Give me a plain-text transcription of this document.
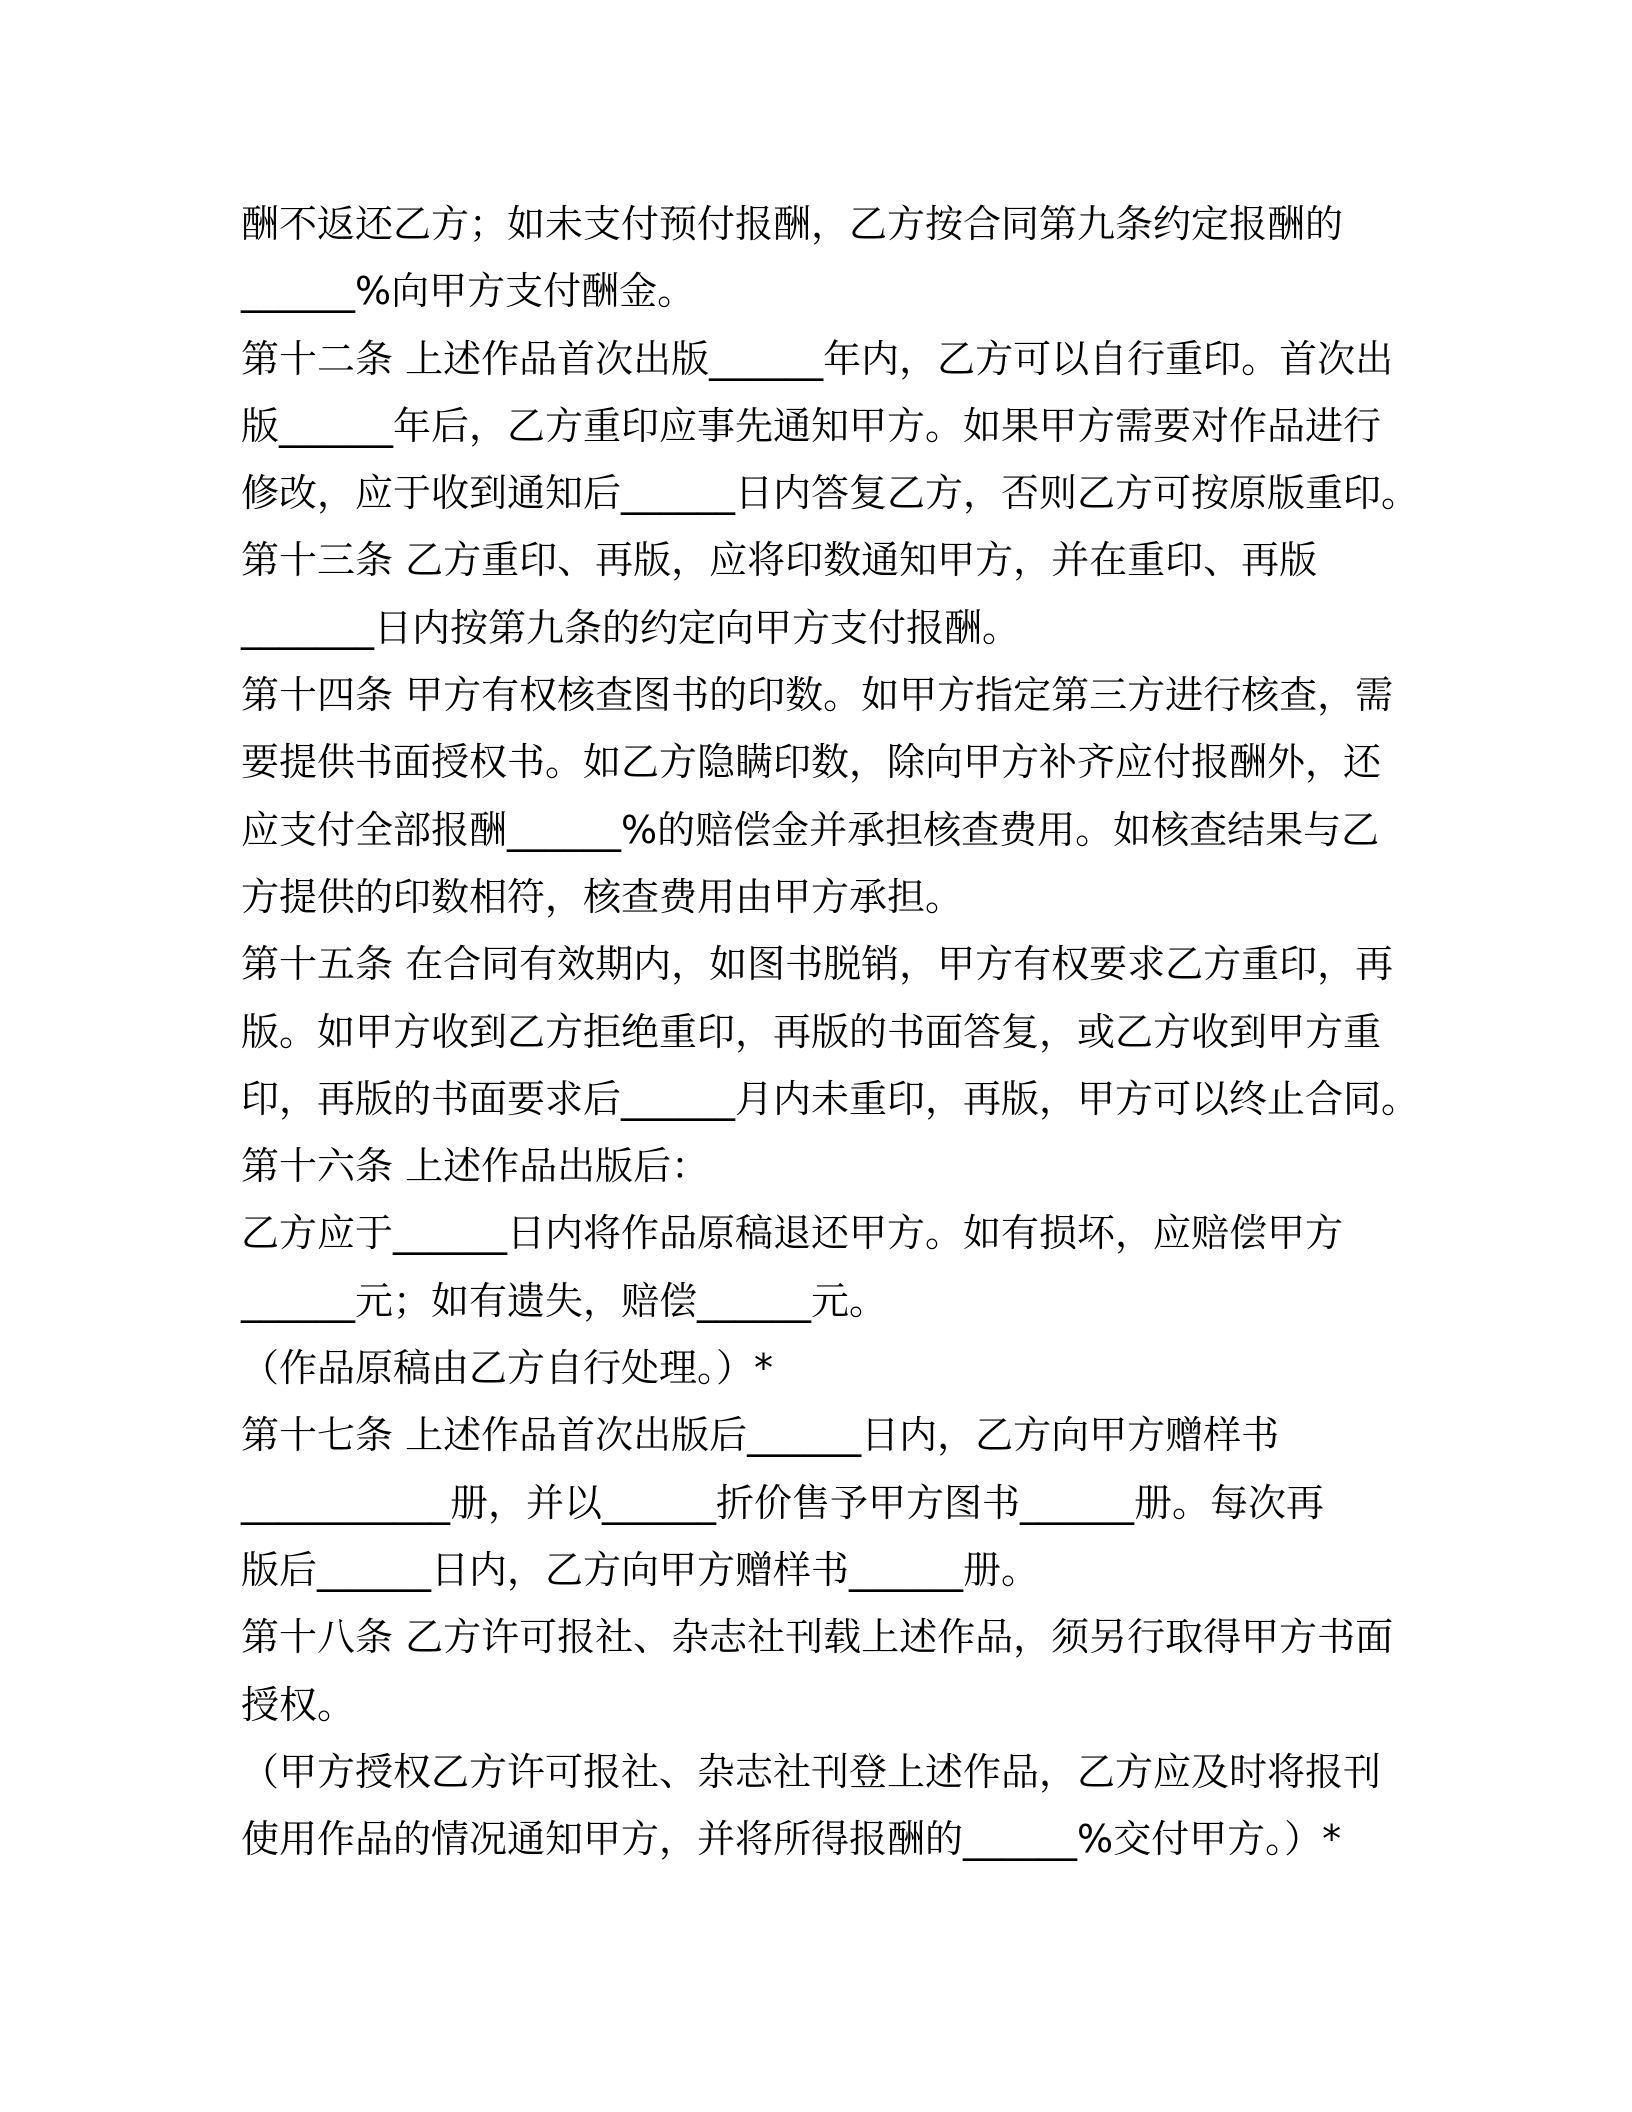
酬不返还乙方；如未支付预付报酬，乙方按合同第九条约定报酬的
______%向甲方支付酬金。
第十二条 上述作品首次出版______年内，乙方可以自行重印。首次出
版______年后，乙方重印应事先通知甲方。如果甲方需要对作品进行
修改，应于收到通知后______日内答复乙方，否则乙方可按原版重印。
第十三条 乙方重印、再版，应将印数通知甲方，并在重印、再版
_______日内按第九条的约定向甲方支付报酬。
第十四条 甲方有权核查图书的印数。如甲方指定第三方进行核查，需
要提供书面授权书。如乙方隐瞒印数，除向甲方补齐应付报酬外，还
应支付全部报酬______%的赔偿金并承担核查费用。如核查结果与乙
方提供的印数相符，核查费用由甲方承担。
第十五条 在合同有效期内，如图书脱销，甲方有权要求乙方重印，再
版。如甲方收到乙方拒绝重印，再版的书面答复，或乙方收到甲方重
印，再版的书面要求后______月内未重印，再版，甲方可以终止合同。
第十六条 上述作品出版后：
乙方应于______日内将作品原稿退还甲方。如有损坏，应赔偿甲方
______元；如有遗失，赔偿______元。
（作品原稿由乙方自行处理。）*
第十七条 上述作品首次出版后______日内，乙方向甲方赠样书
___________册，并以______折价售予甲方图书______册。每次再
版后______日内，乙方向甲方赠样书______册。
第十八条 乙方许可报社、杂志社刊载上述作品，须另行取得甲方书面
授权。
（甲方授权乙方许可报社、杂志社刊登上述作品，乙方应及时将报刊
使用作品的情况通知甲方，并将所得报酬的______%交付甲方。）*
